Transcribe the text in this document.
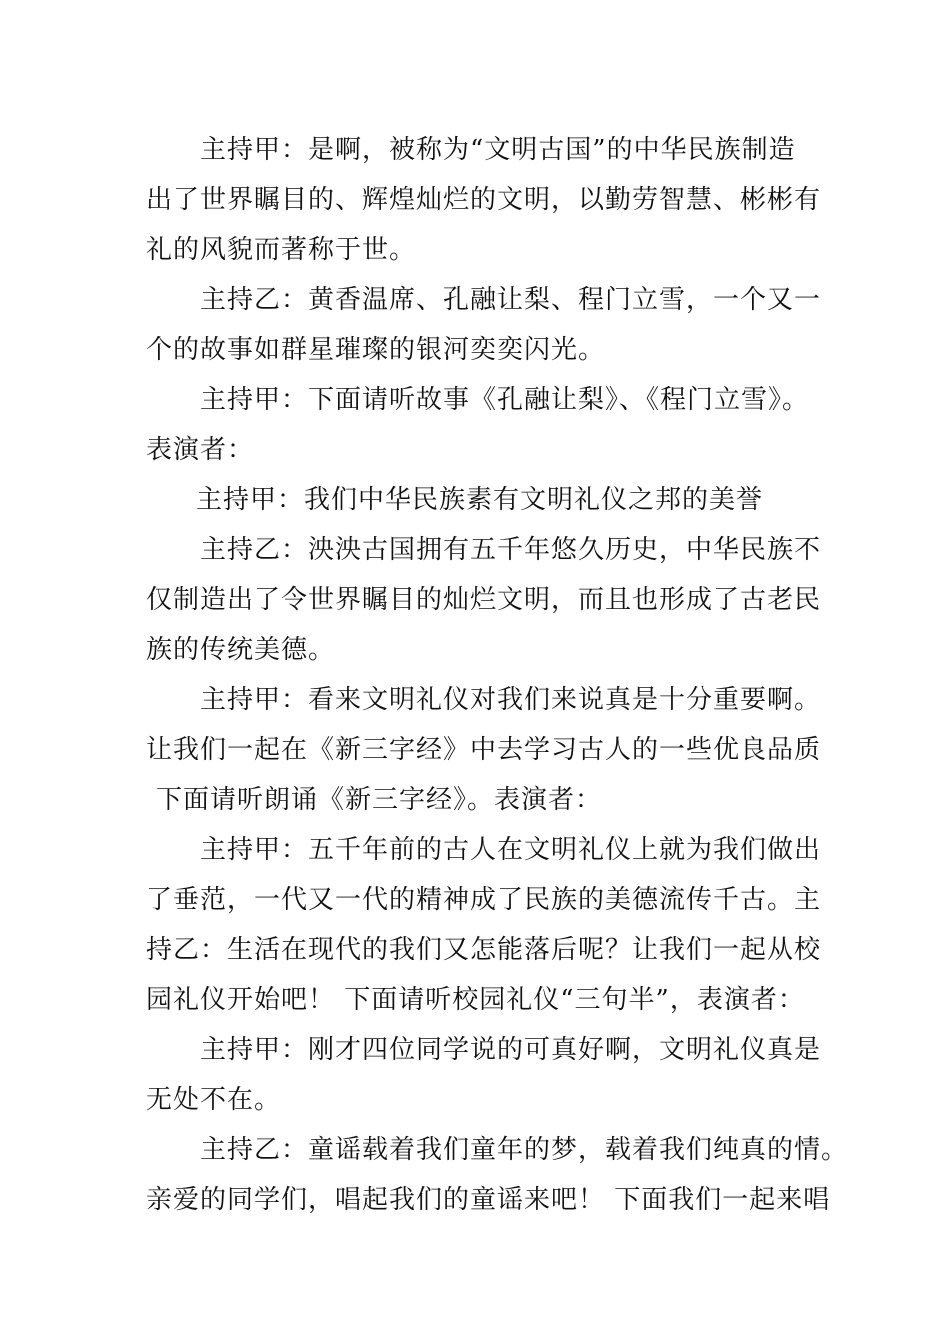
主持甲：是啊，被称为“文明古国”的中华民族制造
出了世界瞩目的、辉煌灿烂的文明，以勤劳智慧、彬彬有
礼的风貌而著称于世。
主持乙：黄香温席、孔融让梨、程门立雪，一个又一
个的故事如群星璀璨的银河奕奕闪光。
主持甲：下面请听故事《孔融让梨》、《程门立雪》。
表演者：
主持甲：我们中华民族素有文明礼仪之邦的美誉
主持乙：泱泱古国拥有五千年悠久历史，中华民族不
仅制造出了令世界瞩目的灿烂文明，而且也形成了古老民
族的传统美德。
主持甲：看来文明礼仪对我们来说真是十分重要啊。
让我们一起在《新三字经》中去学习古人的一些优良品质
下面请听朗诵《新三字经》。表演者：
主持甲：五千年前的古人在文明礼仪上就为我们做出
了垂范，一代又一代的精神成了民族的美德流传千古。主
持乙：生活在现代的我们又怎能落后呢？让我们一起从校
园礼仪开始吧！ 下面请听校园礼仪“三句半”，表演者：
主持甲：刚才四位同学说的可真好啊，文明礼仪真是
无处不在。
主持乙：童谣载着我们童年的梦，载着我们纯真的情。
亲爱的同学们，唱起我们的童谣来吧！ 下面我们一起来唱
